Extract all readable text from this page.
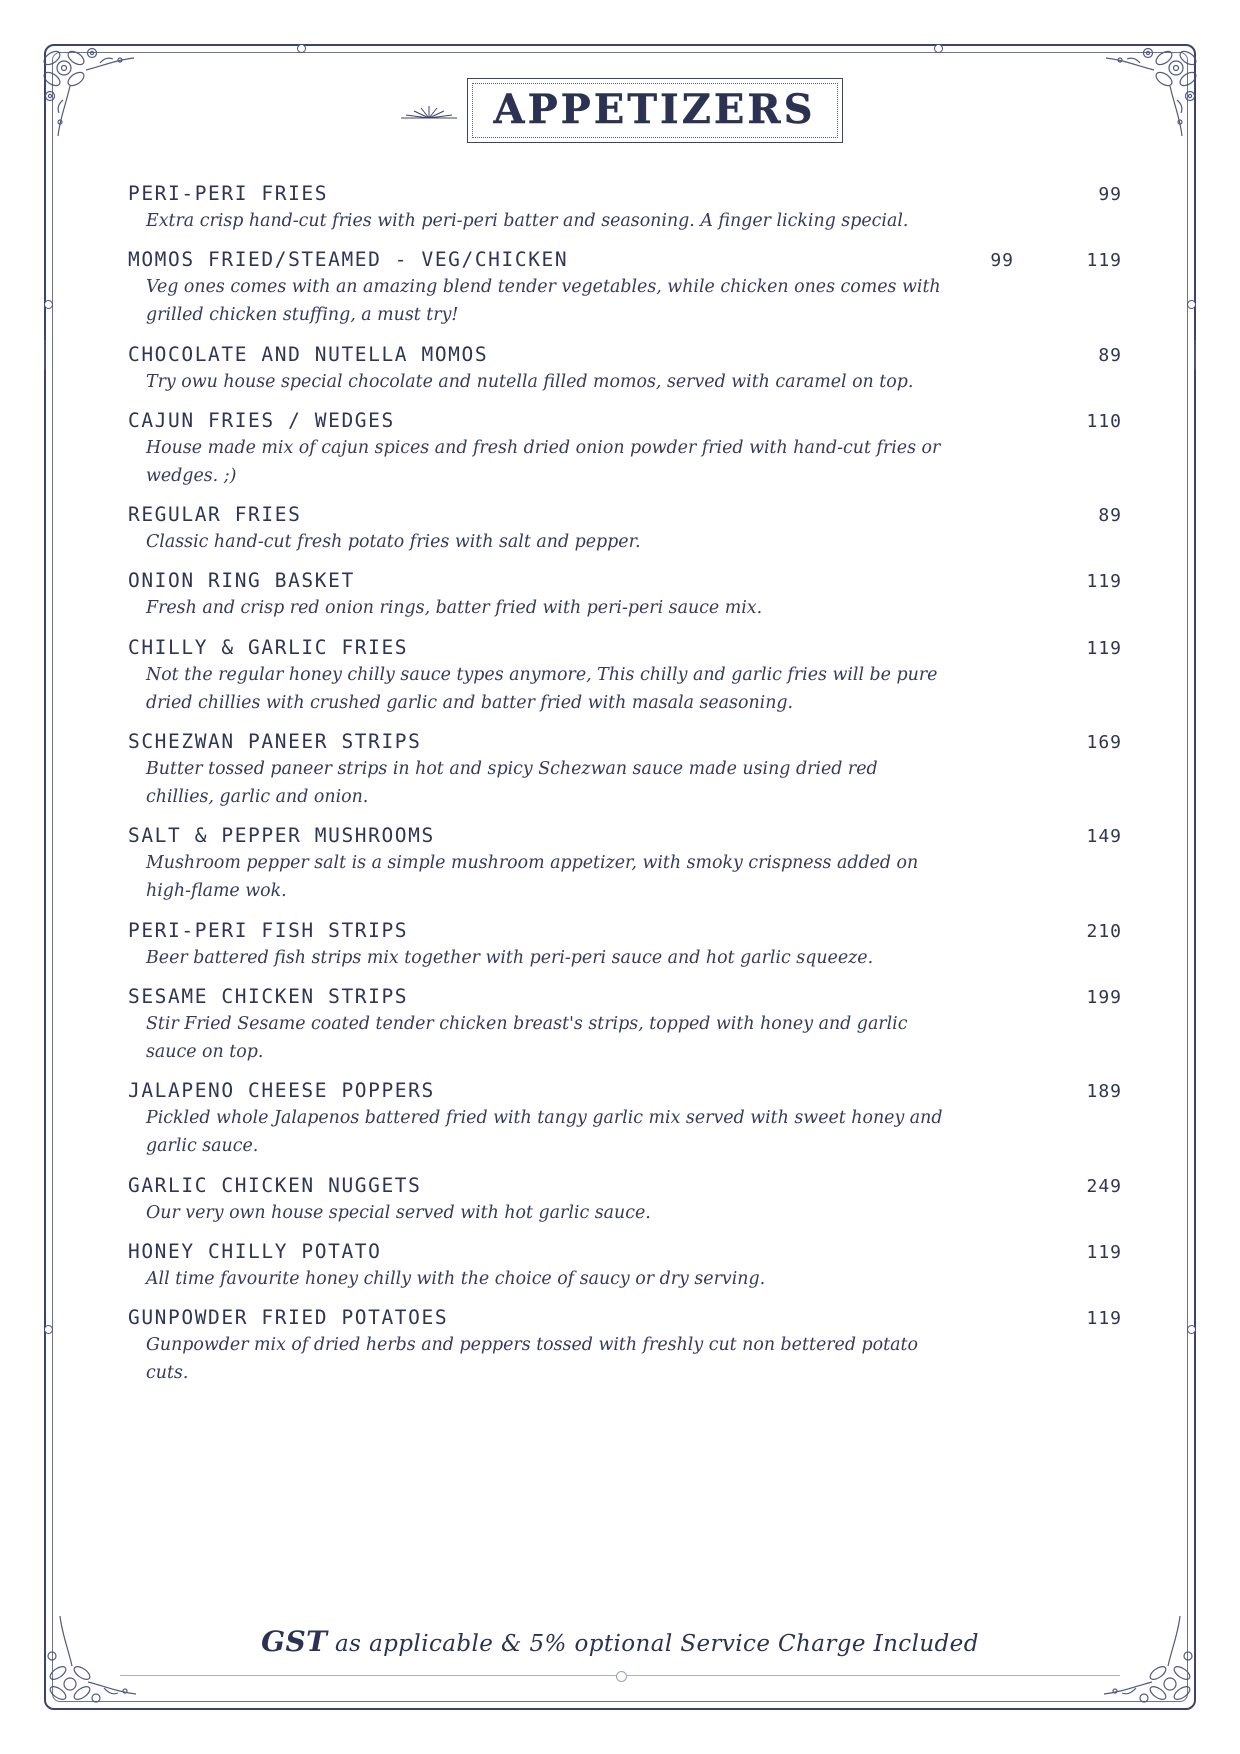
APPETIZERS
PERI-PERI FRIES	99
Extra crisp hand-cut fries with peri-peri batter and seasoning. A finger licking special.
MOMOS FRIED/STEAMED - VEG/CHICKEN	99	119
Veg ones comes with an amazing blend tender vegetables, while chicken ones comes with grilled chicken stuffing, a must try!
CHOCOLATE AND NUTELLA MOMOS	89
Try owu house special chocolate and nutella filled momos, served with caramel on top.
CAJUN FRIES / WEDGES	110
House made mix of cajun spices and fresh dried onion powder fried with hand-cut fries or wedges. ;)
REGULAR FRIES	89
Classic hand-cut fresh potato fries with salt and pepper.
ONION RING BASKET	119
Fresh and crisp red onion rings, batter fried with peri-peri sauce mix.
CHILLY & GARLIC FRIES	119
Not the regular honey chilly sauce types anymore, This chilly and garlic fries will be pure dried chillies with crushed garlic and batter fried with masala seasoning.
SCHEZWAN PANEER STRIPS	169
Butter tossed paneer strips in hot and spicy Schezwan sauce made using dried red chillies, garlic and onion.
SALT & PEPPER MUSHROOMS	149
Mushroom pepper salt is a simple mushroom appetizer, with smoky crispness added on high-flame wok.
PERI-PERI FISH STRIPS	210
Beer battered fish strips mix together with peri-peri sauce and hot garlic squeeze.
SESAME CHICKEN STRIPS	199
Stir Fried Sesame coated tender chicken breast's strips, topped with honey and garlic sauce on top.
JALAPENO CHEESE POPPERS	189
Pickled whole Jalapenos battered fried with tangy garlic mix served with sweet honey and garlic sauce.
GARLIC CHICKEN NUGGETS	249
Our very own house special served with hot garlic sauce.
HONEY CHILLY POTATO	119
All time favourite honey chilly with the choice of saucy or dry serving.
GUNPOWDER FRIED POTATOES	119
Gunpowder mix of dried herbs and peppers tossed with freshly cut non bettered potato cuts.
GST as applicable & 5% optional Service Charge Included
